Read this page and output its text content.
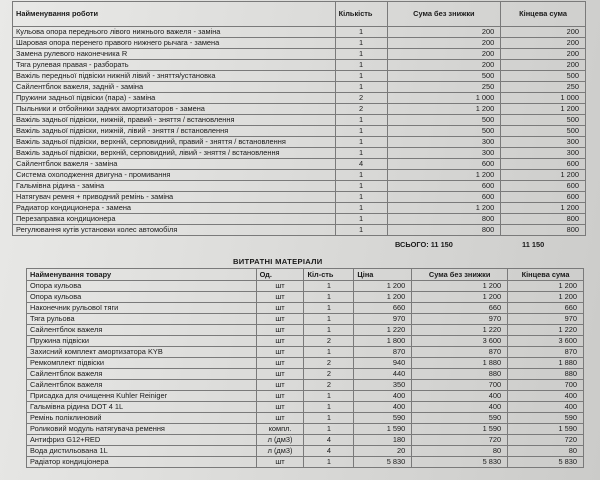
Найменування роботи	Кількість	Сума без знижки	Кінцева сума
Кульова опора переднього лівого нижнього важеля - заміна	1	200	200
Шаровая опора перенего правого нижнего рычага - замена	1	200	200
Замена рулевого наконечника R	1	200	200
Тяга рулевая правая - разборать	1	200	200
Важіль передньої підвіски нижній лівий - зняття/установка	1	500	500
Сайлентблок важеля, задній - заміна	1	250	250
Пружини задньої підвіски (пара) - заміна	2	1 000	1 000
Пыльники и отбойники задних амортизаторов - замена	2	1 200	1 200
Важіль задньої підвіски, нижній, правий - зняття / встановлення	1	500	500
Важіль задньої підвіски, нижній, лівий - зняття / встановлення	1	500	500
Важіль задньої підвіски, верхній, серповидний, правий - зняття / встановлення	1	300	300
Важіль задньої підвіски, верхній, серповидний, лівий - зняття / встановлення	1	300	300
Сайлентблок важеля - заміна	4	600	600
Система охолодження двигуна - промивання	1	1 200	1 200
Гальмівна рідина - заміна	1	600	600
Натягувач ремня + приводний ремінь - заміна	1	600	600
Радиатор кондиционера - замена	1	1 200	1 200
Перезаправка кондиционера	1	800	800
Регулювання кутів установки колес автомобіля	1	800	800
ВСЬОГО: 11 150	11 150
ВИТРАТНІ МАТЕРІАЛИ
Найменування товару	Од.	Кіл-сть	Ціна	Сума без знижки	Кінцева сума
Опора кульова	шт	1	1 200	1 200	1 200
Опора кульова	шт	1	1 200	1 200	1 200
Наконечник рульової тяги	шт	1	660	660	660
Тяга рульова	шт	1	970	970	970
Сайлентблок важеля	шт	1	1 220	1 220	1 220
Пружина підвіски	шт	2	1 800	3 600	3 600
Захисний комплект амортизатора KYB	шт	1	870	870	870
Ремкомплект підвіски	шт	2	940	1 880	1 880
Сайлентблок важеля	шт	2	440	880	880
Сайлентблок важеля	шт	2	350	700	700
Присадка для очищення Kuhler Reiniger	шт	1	400	400	400
Гальмівна рідина DOT 4 1L	шт	1	400	400	400
Ремінь поліклиновий	шт	1	590	590	590
Роликовий модуль натягувача ремення	компл.	1	1 590	1 590	1 590
Антифриз G12+RED	л (дм3)	4	180	720	720
Вода дистильована 1L	л (дм3)	4	20	80	80
Радіатор кондиціонера	шт	1	5 830	5 830	5 830
